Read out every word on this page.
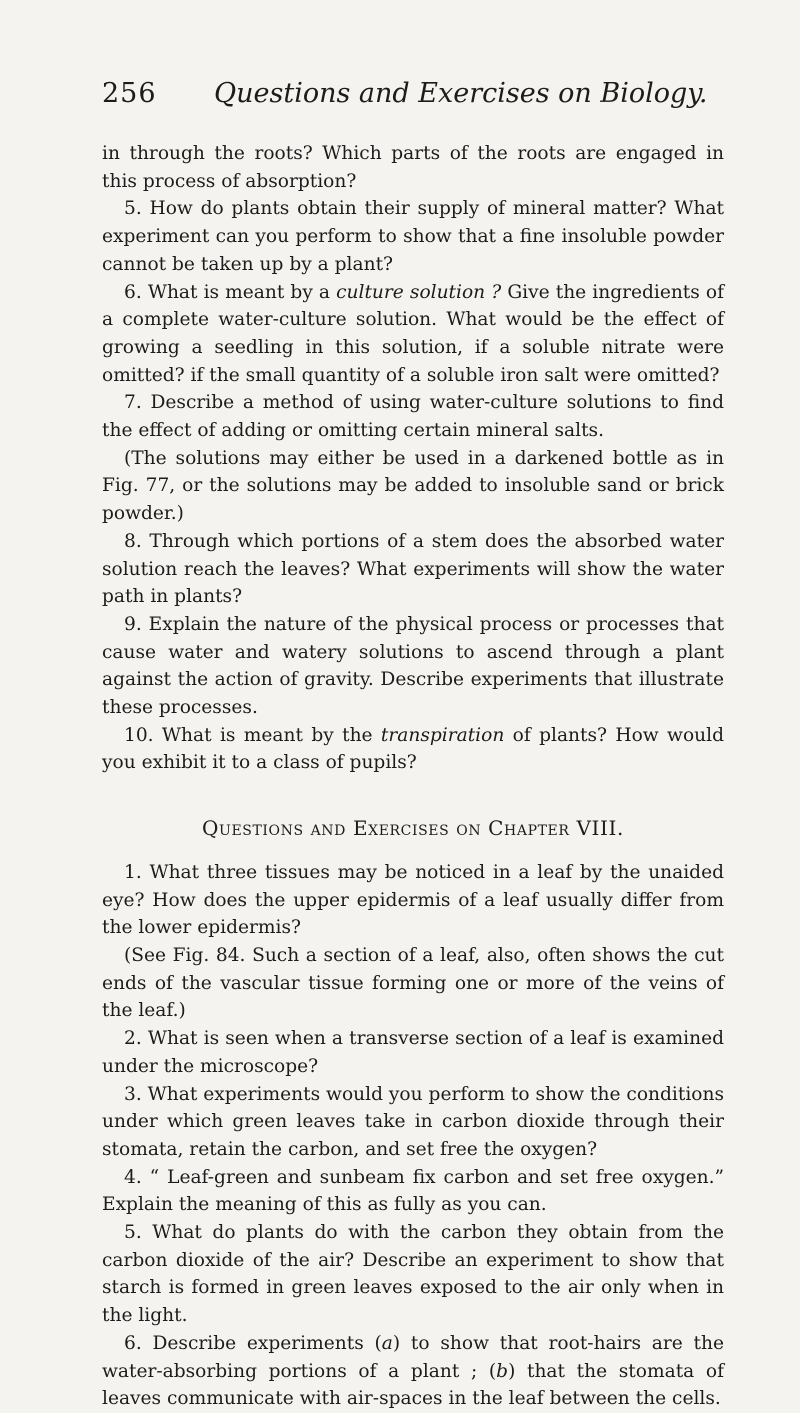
256 Questions and Exercises on Biology.

in through the roots? Which parts of the roots are engaged in this process of absorption?

5. How do plants obtain their supply of mineral matter? What experiment can you perform to show that a fine insoluble powder cannot be taken up by a plant?

6. What is meant by a culture solution ? Give the ingredients of a complete water-culture solution. What would be the effect of growing a seedling in this solution, if a soluble nitrate were omitted? if the small quantity of a soluble iron salt were omitted?

7. Describe a method of using water-culture solutions to find the effect of adding or omitting certain mineral salts.

(The solutions may either be used in a darkened bottle as in Fig. 77, or the solutions may be added to insoluble sand or brick powder.)

8. Through which portions of a stem does the absorbed water solution reach the leaves? What experiments will show the water path in plants?

9. Explain the nature of the physical process or processes that cause water and watery solutions to ascend through a plant against the action of gravity. Describe experiments that illustrate these processes.

10. What is meant by the transpiration of plants? How would you exhibit it to a class of pupils?

Questions and Exercises on Chapter VIII.

1. What three tissues may be noticed in a leaf by the unaided eye? How does the upper epidermis of a leaf usually differ from the lower epidermis?

(See Fig. 84. Such a section of a leaf, also, often shows the cut ends of the vascular tissue forming one or more of the veins of the leaf.)

2. What is seen when a transverse section of a leaf is examined under the microscope?

3. What experiments would you perform to show the conditions under which green leaves take in carbon dioxide through their stomata, retain the carbon, and set free the oxygen?

4. “ Leaf-green and sunbeam fix carbon and set free oxygen.” Explain the meaning of this as fully as you can.

5. What do plants do with the carbon they obtain from the carbon dioxide of the air? Describe an experiment to show that starch is formed in green leaves exposed to the air only when in the light.

6. Describe experiments (a) to show that root-hairs are the water-absorbing portions of a plant ; (b) that the stomata of leaves communicate with air-spaces in the leaf between the cells.
